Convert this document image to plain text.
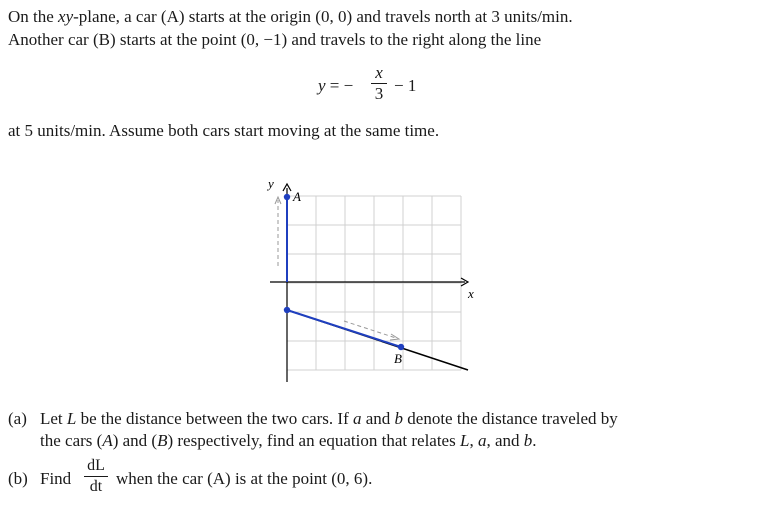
On the xy-plane, a car (A) starts at the origin (0, 0) and travels north at 3 units/min.
Another car (B) starts at the point (0, −1) and travels to the right along the line
y = −
x
3 − 1
at 5 units/min. Assume both cars start moving at the same time.
x
y
A
B
(a) Let L be the distance between the two cars. If a and b denote the distance traveled by
the cars (A) and (B) respectively, find an equation that relates L, a, and b.
(b) Find
dL
dt when the car (A) is at the point (0, 6).
